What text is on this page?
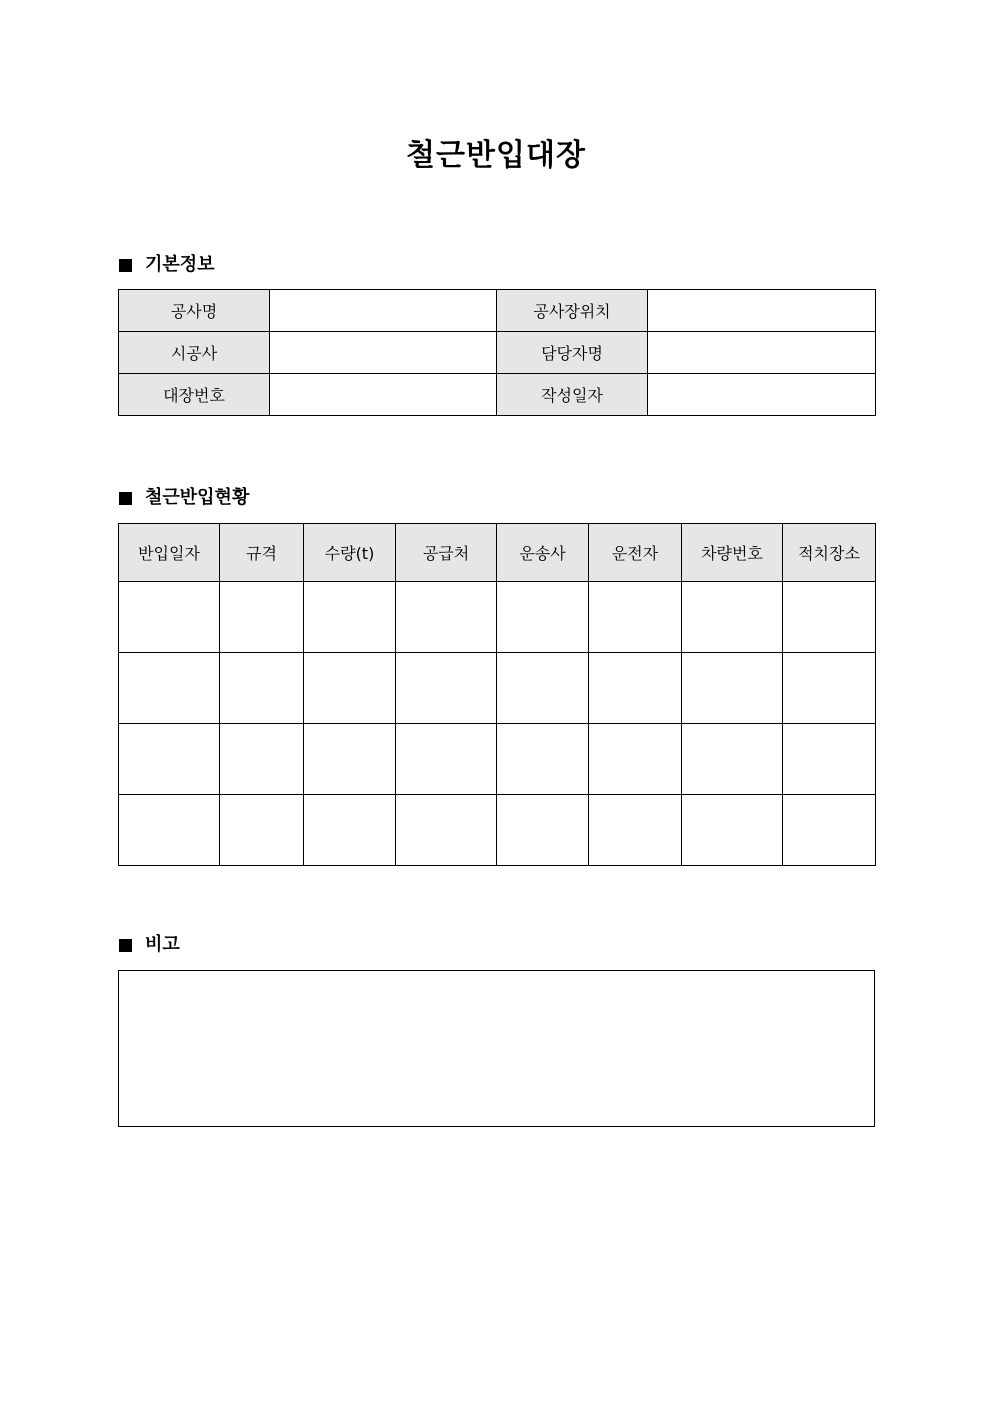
철근반입대장
기본정보
공사명		공사장위치	
시공사		담당자명	
대장번호		작성일자	
철근반입현황
반입일자	규격	수량(t)	공급처	운송사	운전자	차량번호	적치장소

비고
